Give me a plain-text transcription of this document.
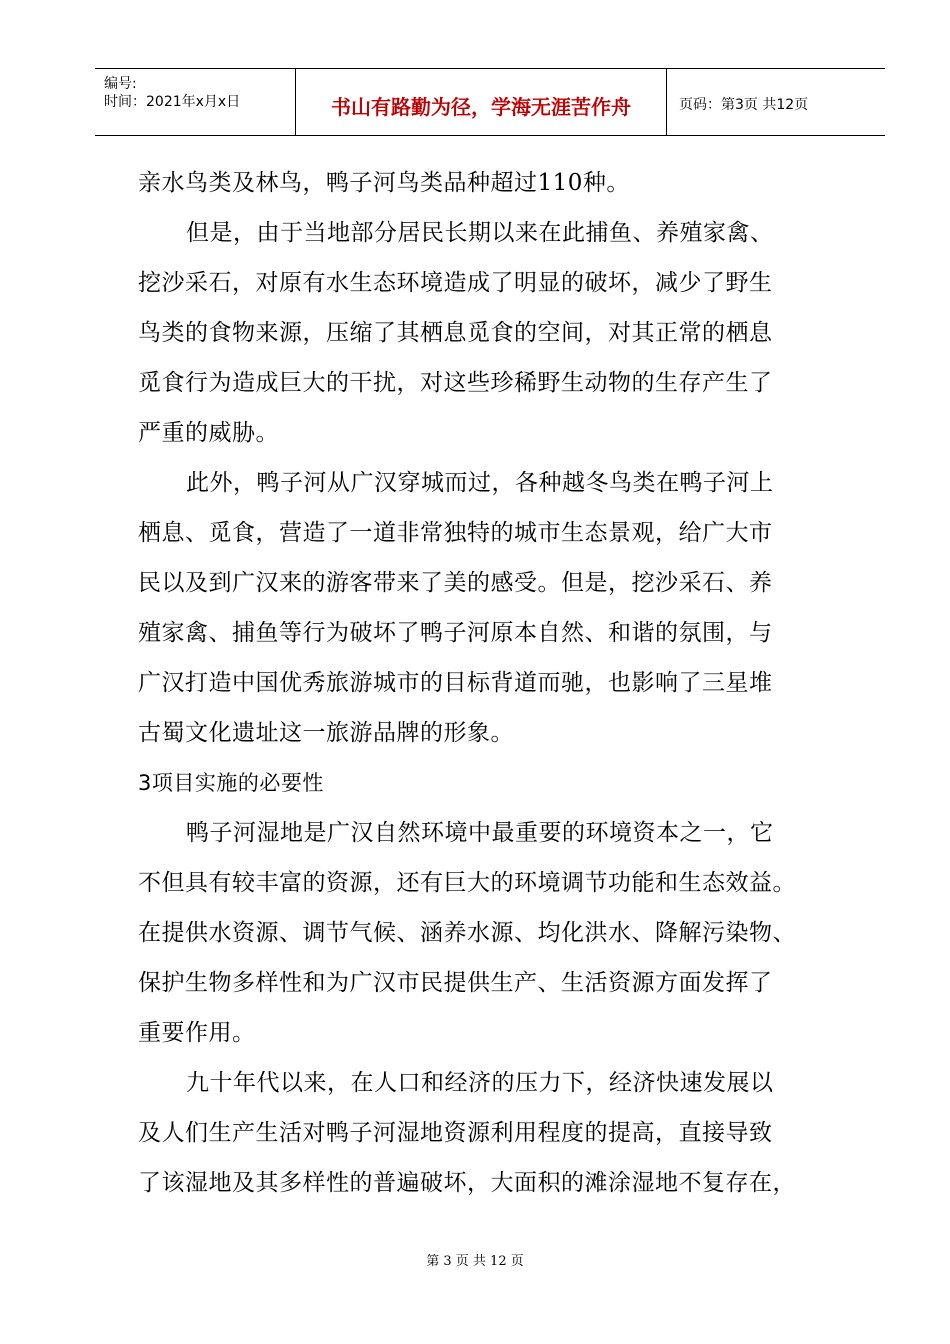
编号:
时间：2021年x月x日	书山有路勤为径，学海无涯苦作舟	页码：第3页 共12页
亲水鸟类及林鸟，鸭子河鸟类品种超过110种。
但是，由于当地部分居民长期以来在此捕鱼、养殖家禽、
挖沙采石，对原有水生态环境造成了明显的破坏，减少了野生
鸟类的食物来源，压缩了其栖息觅食的空间，对其正常的栖息
觅食行为造成巨大的干扰，对这些珍稀野生动物的生存产生了
严重的威胁。
此外，鸭子河从广汉穿城而过，各种越冬鸟类在鸭子河上
栖息、觅食，营造了一道非常独特的城市生态景观，给广大市
民以及到广汉来的游客带来了美的感受。但是，挖沙采石、养
殖家禽、捕鱼等行为破坏了鸭子河原本自然、和谐的氛围，与
广汉打造中国优秀旅游城市的目标背道而驰，也影响了三星堆
古蜀文化遗址这一旅游品牌的形象。
3项目实施的必要性
鸭子河湿地是广汉自然环境中最重要的环境资本之一，它
不但具有较丰富的资源，还有巨大的环境调节功能和生态效益。
在提供水资源、调节气候、涵养水源、均化洪水、降解污染物、
保护生物多样性和为广汉市民提供生产、生活资源方面发挥了
重要作用。
九十年代以来，在人口和经济的压力下，经济快速发展以
及人们生产生活对鸭子河湿地资源利用程度的提高，直接导致
了该湿地及其多样性的普遍破坏，大面积的滩涂湿地不复存在，
第 3 页 共 12 页
